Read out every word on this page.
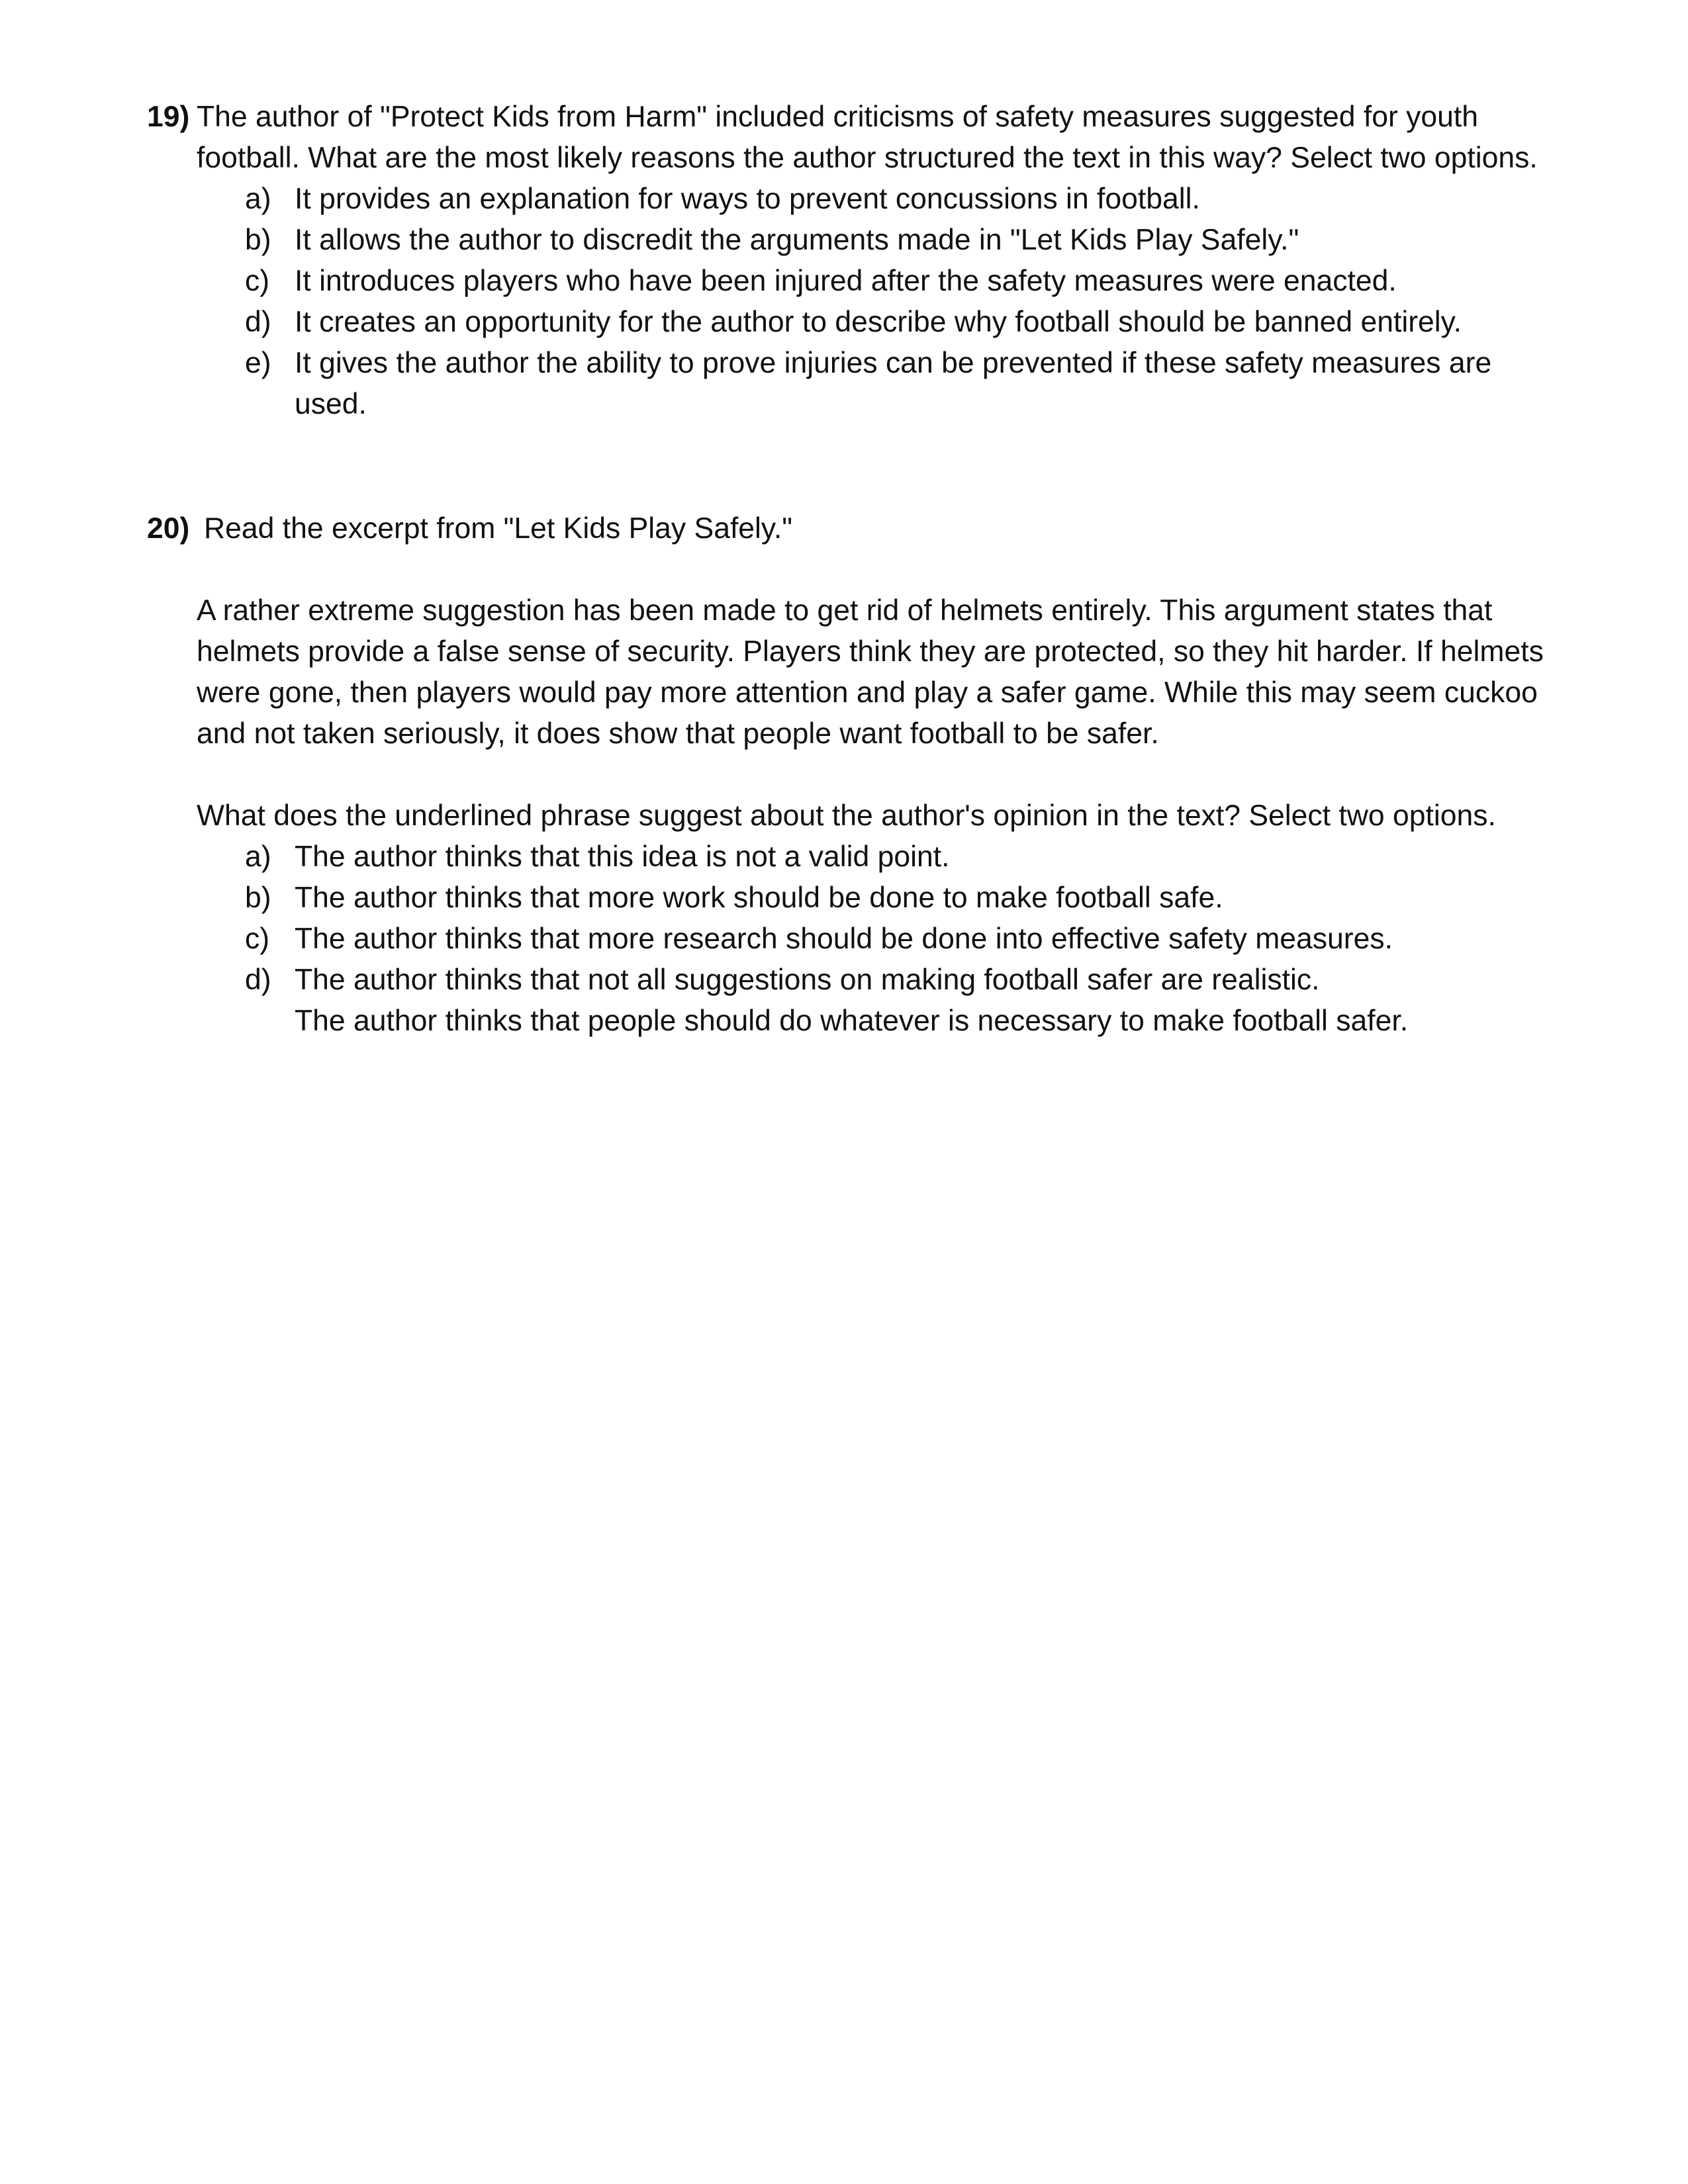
19) The author of "Protect Kids from Harm" included criticisms of safety measures suggested for youth
football. What are the most likely reasons the author structured the text in this way? Select two options.
a) It provides an explanation for ways to prevent concussions in football.
b) It allows the author to discredit the arguments made in "Let Kids Play Safely."
c) It introduces players who have been injured after the safety measures were enacted.
d) It creates an opportunity for the author to describe why football should be banned entirely.
e) It gives the author the ability to prove injuries can be prevented if these safety measures are
used.
20) Read the excerpt from "Let Kids Play Safely."
A rather extreme suggestion has been made to get rid of helmets entirely. This argument states that
helmets provide a false sense of security. Players think they are protected, so they hit harder. If helmets
were gone, then players would pay more attention and play a safer game. While this may seem cuckoo
and not taken seriously, it does show that people want football to be safer.
What does the underlined phrase suggest about the author's opinion in the text? Select two options.
a) The author thinks that this idea is not a valid point.
b) The author thinks that more work should be done to make football safe.
c) The author thinks that more research should be done into effective safety measures.
d) The author thinks that not all suggestions on making football safer are realistic.
The author thinks that people should do whatever is necessary to make football safer.
